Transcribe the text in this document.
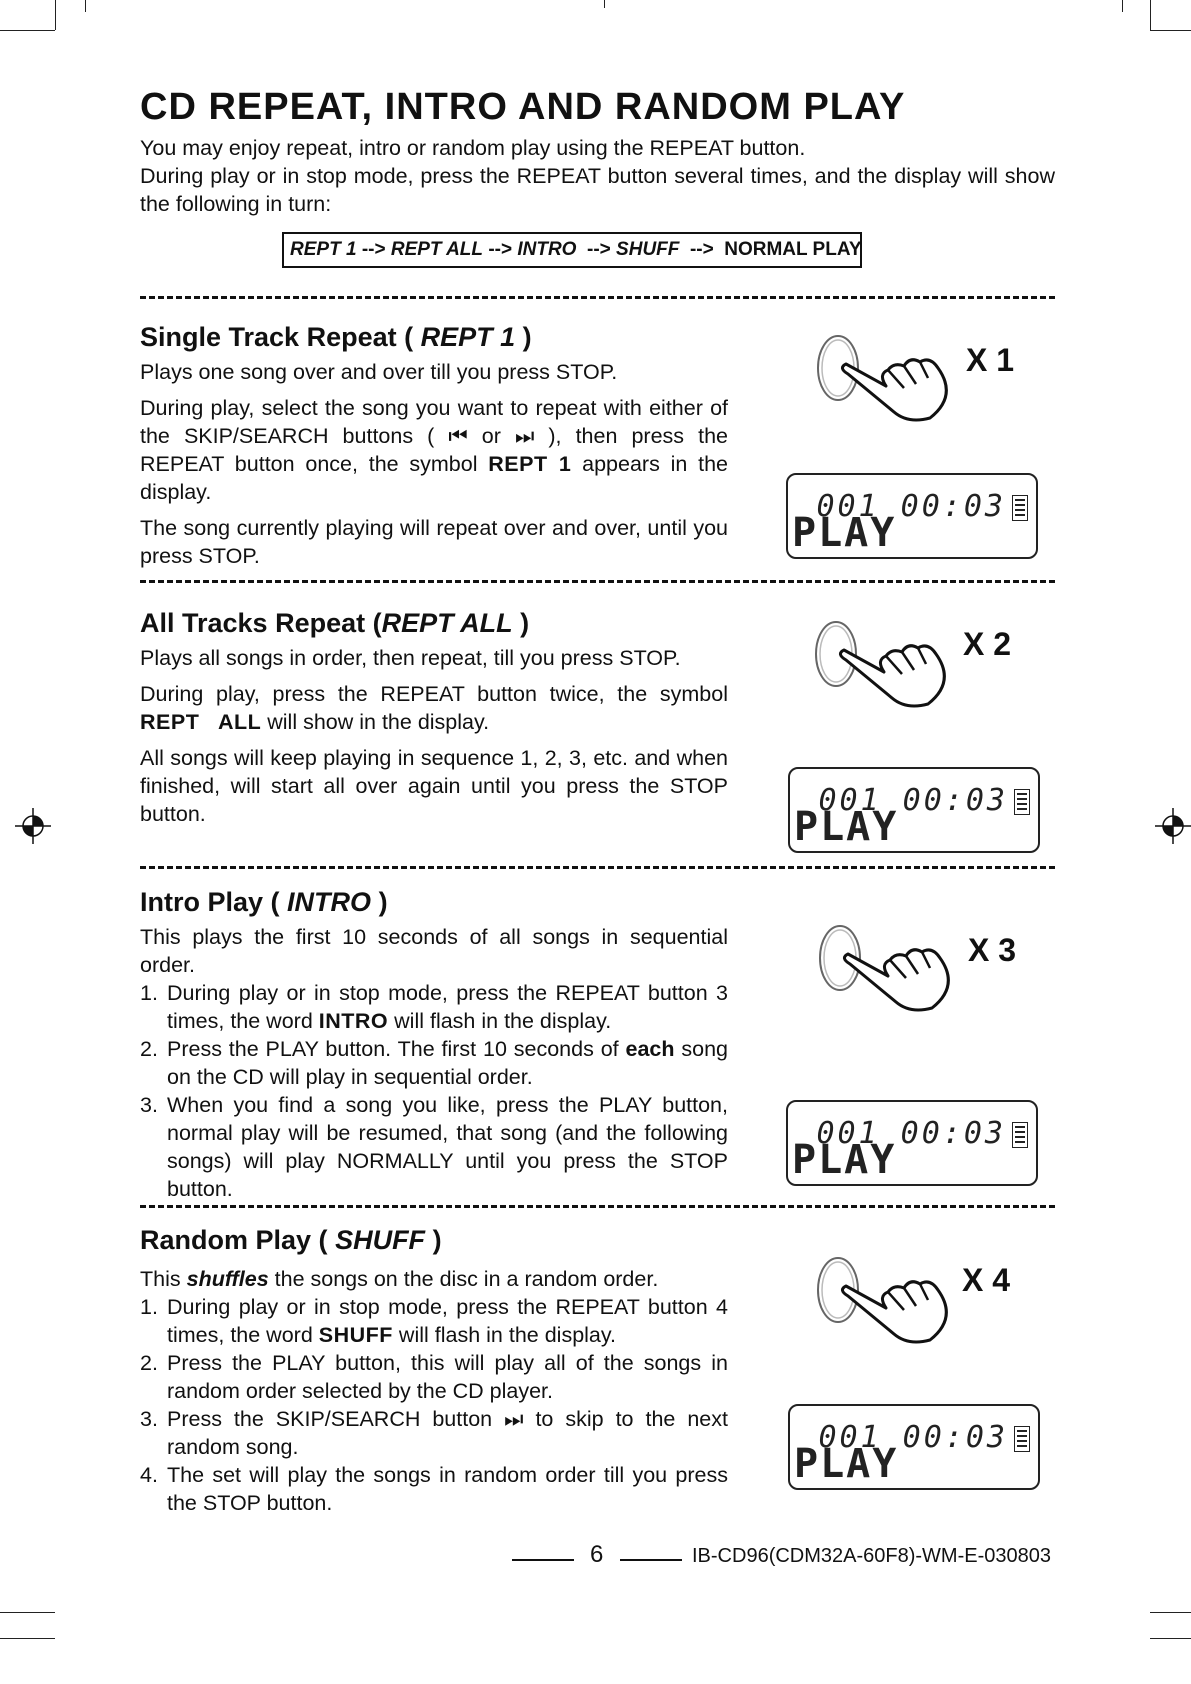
CD REPEAT, INTRO AND RANDOM PLAY

You may enjoy repeat, intro or random play using the REPEAT button.

During play or in stop mode, press the REPEAT button several times, and the display will show the following in turn:

REPT 1
-->
REPT ALL
-->
INTRO
-->
SHUFF
-->
NORMAL PLAY
Single Track Repeat ( REPT 1 )

Plays one song over and over till you press STOP.

During play, select the song you want to repeat with either of the SKIP/SEARCH buttons ( ⏮ or ⏭ ), then press the REPEAT button once, the symbol REPT 1 appears in the display.

The song currently playing will repeat over and over, until you press STOP.

All Tracks Repeat (REPT ALL )

Plays all songs in order, then repeat, till you press STOP.

During play, press the REPEAT button twice, the symbol REPT   ALL will show in the display.

All songs will keep playing in sequence 1, 2, 3, etc. and when finished, will start all over again until you press the STOP button.

Intro Play ( INTRO )

This plays the first 10 seconds of all songs in sequential order.

1. During play or in stop mode, press the REPEAT button 3 times, the word INTRO will flash in the display.
2. Press the PLAY button. The first 10 seconds of each song on the CD will play in sequential order.
3. When you find a song you like, press the PLAY button, normal play will be resumed, that song (and the following songs) will play NORMALLY until you press the STOP button.
Random Play ( SHUFF )

This shuffles the songs on the disc in a random order.

1. During play or in stop mode, press the REPEAT button 4 times, the word SHUFF will flash in the display.
2. Press the PLAY button, this will play all of the songs in random order selected by the CD player.
3. Press the SKIP/SEARCH button ⏭ to skip to the next random song.
4. The set will play the songs in random order till you press the STOP button.
X 1
X 2
X 3
X 4
001 00:03
PLAY
001 00:03
PLAY
001 00:03
PLAY
001 00:03
PLAY
6	IB-CD96(CDM32A-60F8)-WM-E-030803
